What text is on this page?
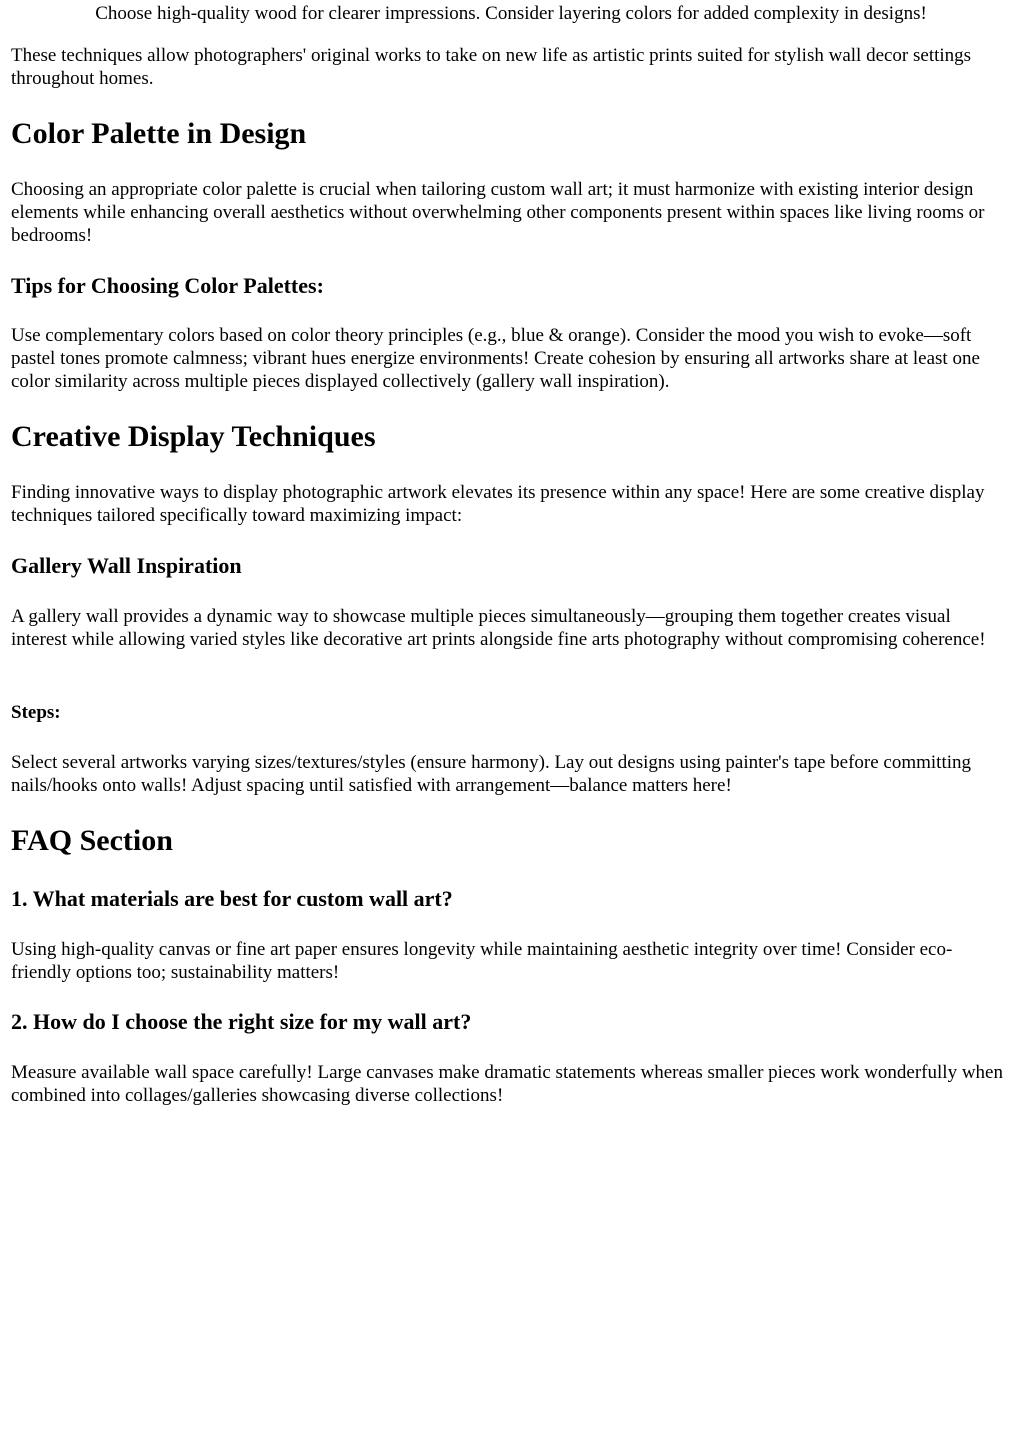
Choose high-quality wood for clearer impressions. Consider layering colors for added complexity in designs!

These techniques allow photographers' original works to take on new life as artistic prints suited for stylish wall decor settings throughout homes.

Color Palette in Design

Choosing an appropriate color palette is crucial when tailoring custom wall art; it must harmonize with existing interior design elements while enhancing overall aesthetics without overwhelming other components present within spaces like living rooms or bedrooms!

Tips for Choosing Color Palettes:

Use complementary colors based on color theory principles (e.g., blue & orange). Consider the mood you wish to evoke—soft pastel tones promote calmness; vibrant hues energize environments! Create cohesion by ensuring all artworks share at least one color similarity across multiple pieces displayed collectively (gallery wall inspiration).

Creative Display Techniques

Finding innovative ways to display photographic artwork elevates its presence within any space! Here are some creative display techniques tailored specifically toward maximizing impact:

Gallery Wall Inspiration

A gallery wall provides a dynamic way to showcase multiple pieces simultaneously—grouping them together creates visual interest while allowing varied styles like decorative art prints alongside fine arts photography without compromising coherence!

Steps:

Select several artworks varying sizes/textures/styles (ensure harmony). Lay out designs using painter's tape before committing nails/hooks onto walls! Adjust spacing until satisfied with arrangement—balance matters here!

FAQ Section
1. What materials are best for custom wall art?

Using high-quality canvas or fine art paper ensures longevity while maintaining aesthetic integrity over time! Consider eco-friendly options too; sustainability matters!

2. How do I choose the right size for my wall art?

Measure available wall space carefully! Large canvases make dramatic statements whereas smaller pieces work wonderfully when combined into collages/galleries showcasing diverse collections!
